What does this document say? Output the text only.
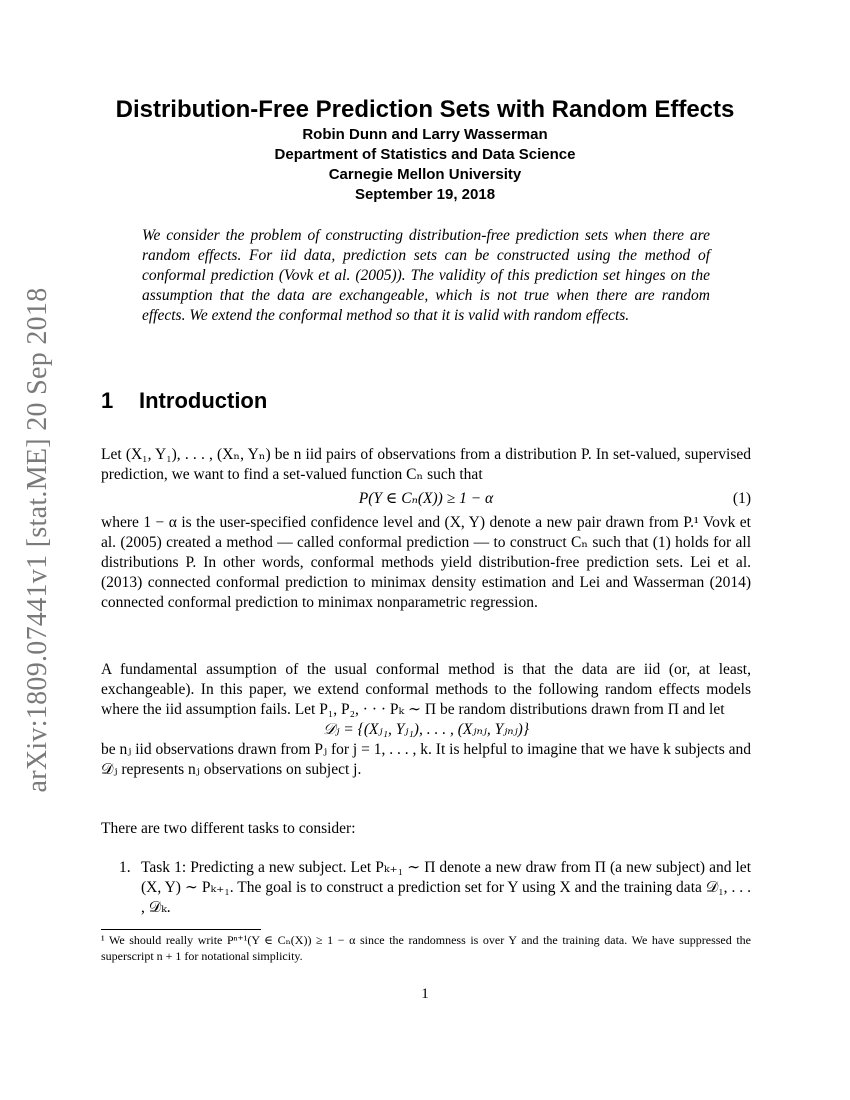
arXiv:1809.07441v1 [stat.ME] 20 Sep 2018
Distribution-Free Prediction Sets with Random Effects
Robin Dunn and Larry Wasserman
Department of Statistics and Data Science
Carnegie Mellon University
September 19, 2018
We consider the problem of constructing distribution-free prediction sets when there are random effects. For iid data, prediction sets can be constructed using the method of conformal prediction (Vovk et al. (2005)). The validity of this prediction set hinges on the assumption that the data are exchangeable, which is not true when there are random effects. We extend the conformal method so that it is valid with random effects.
1 Introduction
Let (X₁, Y₁), . . . , (Xₙ, Yₙ) be n iid pairs of observations from a distribution P. In set-valued, supervised prediction, we want to find a set-valued function Cₙ such that
P(Y ∈ Cₙ(X)) ≥ 1 − α	(1)
where 1 − α is the user-specified confidence level and (X, Y) denote a new pair drawn from P.¹ Vovk et al. (2005) created a method — called conformal prediction — to construct Cₙ such that (1) holds for all distributions P. In other words, conformal methods yield distribution-free prediction sets. Lei et al. (2013) connected conformal prediction to minimax density estimation and Lei and Wasserman (2014) connected conformal prediction to minimax nonparametric regression.
A fundamental assumption of the usual conformal method is that the data are iid (or, at least, exchangeable). In this paper, we extend conformal methods to the following random effects models where the iid assumption fails. Let P₁, P₂, · · · Pₖ ∼ Π be random distributions drawn from Π and let
𝒟ⱼ = {(Xⱼ₁, Yⱼ₁), . . . , (Xⱼₙⱼ, Yⱼₙⱼ)}
be nⱼ iid observations drawn from Pⱼ for j = 1, . . . , k. It is helpful to imagine that we have k subjects and 𝒟ⱼ represents nⱼ observations on subject j.
There are two different tasks to consider:
1. Task 1: Predicting a new subject. Let Pₖ₊₁ ∼ Π denote a new draw from Π (a new subject) and let (X, Y) ∼ Pₖ₊₁. The goal is to construct a prediction set for Y using X and the training data 𝒟₁, . . . , 𝒟ₖ.
¹ We should really write Pⁿ⁺¹(Y ∈ Cₙ(X)) ≥ 1 − α since the randomness is over Y and the training data. We have suppressed the superscript n + 1 for notational simplicity.
1
